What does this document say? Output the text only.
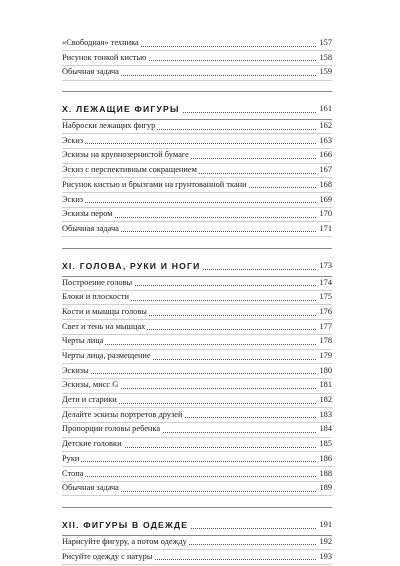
«Свободная» техника	157
Рисунок тонкой кистью	158
Обычная задача	159
X. ЛЕЖАЩИЕ ФИГУРЫ	161
Наброски лежащих фигур	162
Эскиз	163
Эскизы на крупнозернистой бумаге	166
Эскиз с перспективным сокращением	167
Рисунок кистью и брызгами на грунтованной ткани	168
Эскиз	169
Эскизы пером	170
Обычная задача	171
XI. ГОЛОВА, РУКИ И НОГИ	173
Построение головы	174
Блоки и плоскости	175
Кости и мышцы головы	176
Свет и тень на мышцах	177
Черты лица	178
Черты лица, размещение	179
Эскизы	180
Эскизы, мисс G	181
Дети и старики	182
Делайте эскизы портретов друзей	183
Пропорции головы ребенка	184
Детские головки	185
Руки	186
Стопа	188
Обычная задача	189
XII. ФИГУРЫ В ОДЕЖДЕ	191
Нарисуйте фигуру, а потом одежду	192
Рисуйте одежду с натуры	193
